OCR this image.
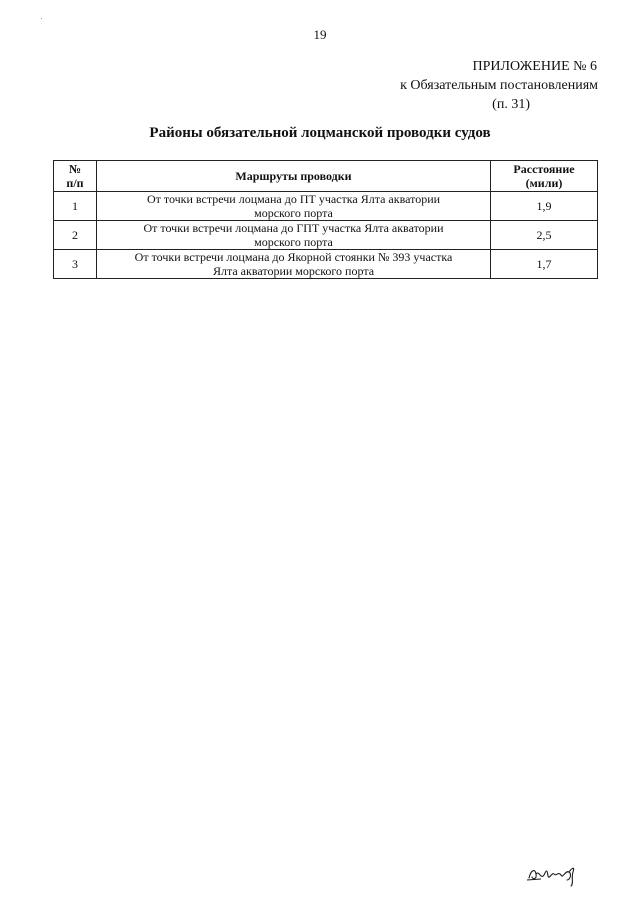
19
ПРИЛОЖЕНИЕ № 6
к Обязательным постановлениям
(п. 31)
Районы обязательной лоцманской проводки судов
№
п/п	Маршруты проводки	Расстояние
(мили)
1	От точки встречи лоцмана до ПТ участка Ялта акватории
морского порта	1,9
2	От точки встречи лоцмана до ГПТ участка Ялта акватории
морского порта	2,5
3	От точки встречи лоцмана до Якорной стоянки № 393 участка
Ялта акватории морского порта	1,7
